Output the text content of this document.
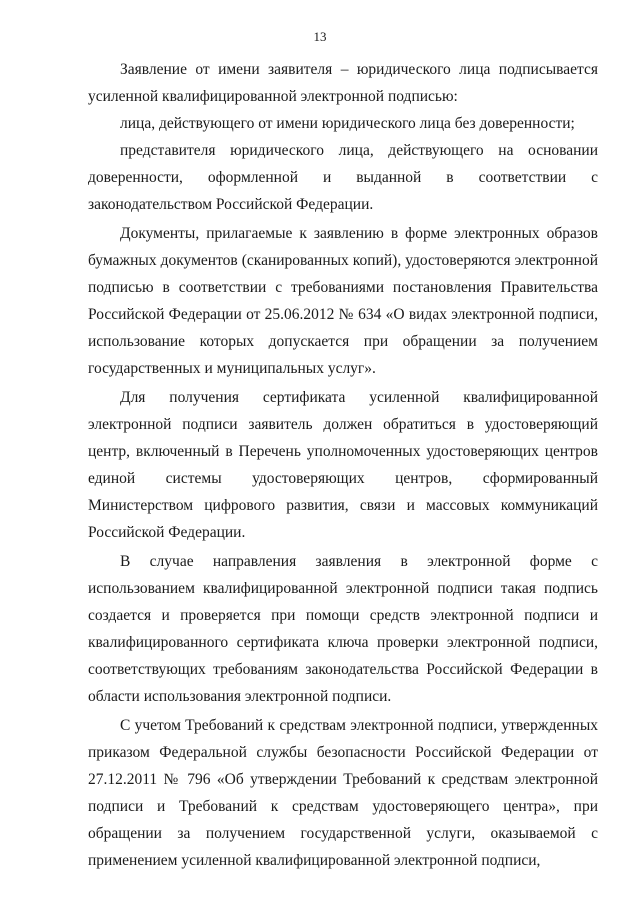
13

Заявление от имени заявителя – юридического лица подписывается усиленной квалифицированной электронной подписью:

лица, действующего от имени юридического лица без доверенности;

представителя юридического лица, действующего на основании доверенности, оформленной и выданной в соответствии с законодательством Российской Федерации.

Документы, прилагаемые к заявлению в форме электронных образов бумажных документов (сканированных копий), удостоверяются электронной подписью в соответствии с требованиями постановления Правительства Российской Федерации от 25.06.2012 № 634 «О видах электронной подписи, использование которых допускается при обращении за получением государственных и муниципальных услуг».

Для получения сертификата усиленной квалифицированной электронной подписи заявитель должен обратиться в удостоверяющий центр, включенный в Перечень уполномоченных удостоверяющих центров единой системы удостоверяющих центров, сформированный Министерством цифрового развития, связи и массовых коммуникаций Российской Федерации.

В случае направления заявления в электронной форме с использованием квалифицированной электронной подписи такая подпись создается и проверяется при помощи средств электронной подписи и квалифицированного сертификата ключа проверки электронной подписи, соответствующих требованиям законодательства Российской Федерации в области использования электронной подписи.

С учетом Требований к средствам электронной подписи, утвержденных приказом Федеральной службы безопасности Российской Федерации от 27.12.2011 № 796 «Об утверждении Требований к средствам электронной подписи и Требований к средствам удостоверяющего центра», при обращении за получением государственной услуги, оказываемой с применением усиленной квалифицированной электронной подписи,
